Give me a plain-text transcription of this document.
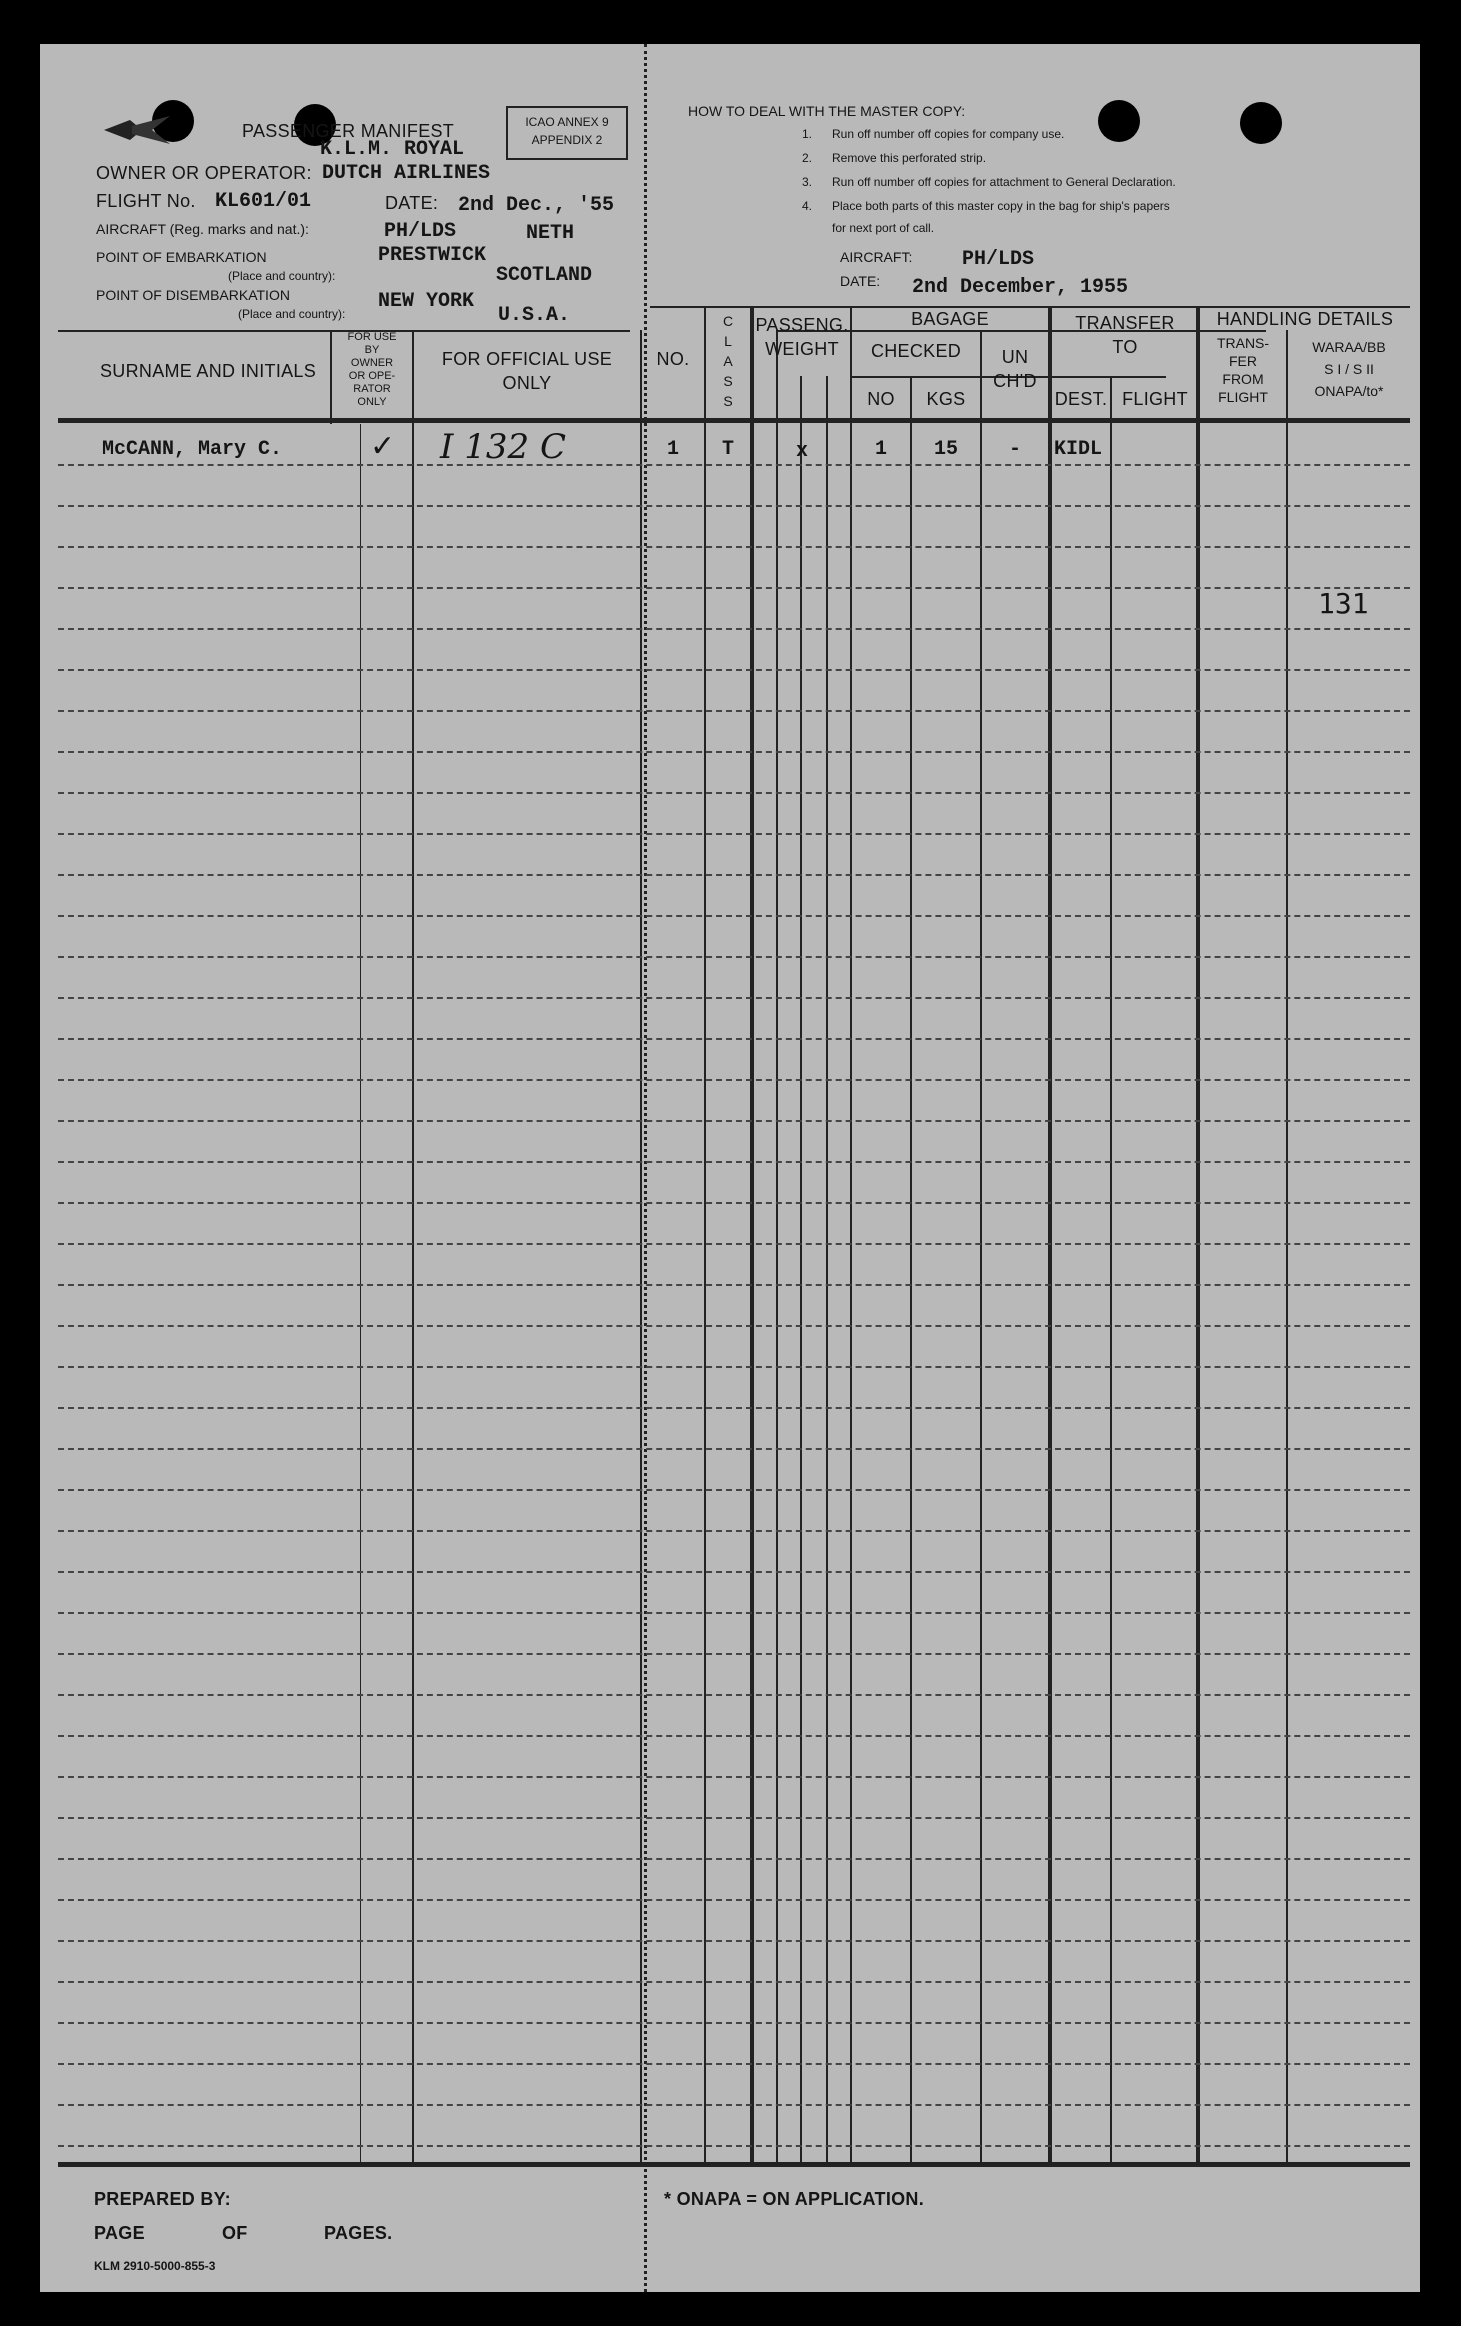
PASSENGER MANIFEST	ICAO ANNEX 9
APPENDIX 2
K.L.M. ROYAL
OWNER OR OPERATOR: DUTCH AIRLINES
FLIGHT No. KL601/01	DATE: 2nd Dec., '55
AIRCRAFT (Reg. marks and nat.):	PH/LDS	NETH
POINT OF EMBARKATION	PRESTWICK
(Place and country):	SCOTLAND
POINT OF DISEMBARKATION	NEW YORK
(Place and country):	U.S.A.
HOW TO DEAL WITH THE MASTER COPY:
1. Run off number off copies for company use.
2. Remove this perforated strip.
3. Run off number off copies for attachment to General Declaration.
4. Place both parts of this master copy in the bag for ship's papers
for next port of call.
AIRCRAFT: PH/LDS
DATE: 2nd December, 1955
SURNAME AND INITIALS
FOR USE
BY
OWNER
OR OPE-
RATOR
ONLY
FOR OFFICIAL USE
ONLY
NO.
C
L
A
S
S
PASSENG.
WEIGHT
BAGAGE
CHECKED
NO	KGS
UN
CH'D
TRANSFER
TO
DEST. FLIGHT
HANDLING DETAILS
TRANS-
FER
FROM
FLIGHT
WARAA/BB
S I / S II
ONAPA/to*
McCANN, Mary C.	✓ I 132 C	1	T	x	1	15	-	KIDL
131
PREPARED BY:
PAGE	OF	PAGES.
KLM 2910-5000-855-3
* ONAPA = ON APPLICATION.
